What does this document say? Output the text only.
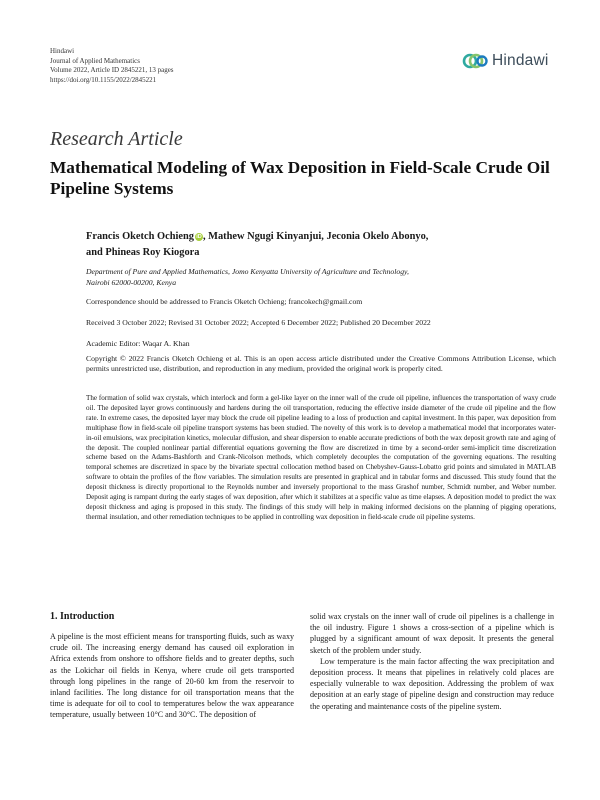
Hindawi
Journal of Applied Mathematics
Volume 2022, Article ID 2845221, 13 pages
https://doi.org/10.1155/2022/2845221
Hindawi
Research Article
Mathematical Modeling of Wax Deposition in Field-Scale Crude Oil Pipeline Systems
Francis Oketch Ochieng iD, Mathew Ngugi Kinyanjui, Jeconia Okelo Abonyo,
and Phineas Roy Kiogora
Department of Pure and Applied Mathematics, Jomo Kenyatta University of Agriculture and Technology,
Nairobi 62000-00200, Kenya
Correspondence should be addressed to Francis Oketch Ochieng; francokech@gmail.com
Received 3 October 2022; Revised 31 October 2022; Accepted 6 December 2022; Published 20 December 2022
Academic Editor: Waqar A. Khan
Copyright © 2022 Francis Oketch Ochieng et al. This is an open access article distributed under the Creative Commons Attribution License, which permits unrestricted use, distribution, and reproduction in any medium, provided the original work is properly cited.
The formation of solid wax crystals, which interlock and form a gel-like layer on the inner wall of the crude oil pipeline, influences the transportation of waxy crude oil. The deposited layer grows continuously and hardens during the oil transportation, reducing the effective inside diameter of the crude oil pipeline and the flow rate. In extreme cases, the deposited layer may block the crude oil pipeline leading to a loss of production and capital investment. In this paper, wax deposition from multiphase flow in field-scale oil pipeline transport systems has been studied. The novelty of this work is to develop a mathematical model that incorporates water-in-oil emulsions, wax precipitation kinetics, molecular diffusion, and shear dispersion to enable accurate predictions of both the wax deposit growth rate and aging of the deposit. The coupled nonlinear partial differential equations governing the flow are discretized in time by a second-order semi-implicit time discretization scheme based on the Adams-Bashforth and Crank-Nicolson methods, which completely decouples the computation of the governing equations. The resulting temporal schemes are discretized in space by the bivariate spectral collocation method based on Chebyshev-Gauss-Lobatto grid points and simulated in MATLAB software to obtain the profiles of the flow variables. The simulation results are presented in graphical and in tabular forms and discussed. This study found that the deposit thickness is directly proportional to the Reynolds number and inversely proportional to the mass Grashof number, Schmidt number, and Weber number. Deposit aging is rampant during the early stages of wax deposition, after which it stabilizes at a specific value as time elapses. A deposition model to predict the wax deposit thickness and aging is proposed in this study. The findings of this study will help in making informed decisions on the planning of pigging operations, thermal insulation, and other remediation techniques to be applied in controlling wax deposition in field-scale crude oil pipeline systems.
1. Introduction

A pipeline is the most efficient means for transporting fluids, such as waxy crude oil. The increasing energy demand has caused oil exploration in Africa extends from onshore to offshore fields and to greater depths, such as the Lokichar oil fields in Kenya, where crude oil gets transported through long pipelines in the range of 20-60 km from the reservoir to inland facilities. The long distance for oil transportation means that the time is adequate for oil to cool to temperatures below the wax appearance temperature, usually between 10°C and 30°C. The deposition of

solid wax crystals on the inner wall of crude oil pipelines is a challenge in the oil industry. Figure 1 shows a cross-section of a pipeline which is plugged by a significant amount of wax deposit. It presents the general sketch of the problem under study.

Low temperature is the main factor affecting the wax precipitation and deposition process. It means that pipelines in relatively cold places are especially vulnerable to wax deposition. Addressing the problem of wax deposition at an early stage of pipeline design and construction may reduce the operating and maintenance costs of the pipeline system.
